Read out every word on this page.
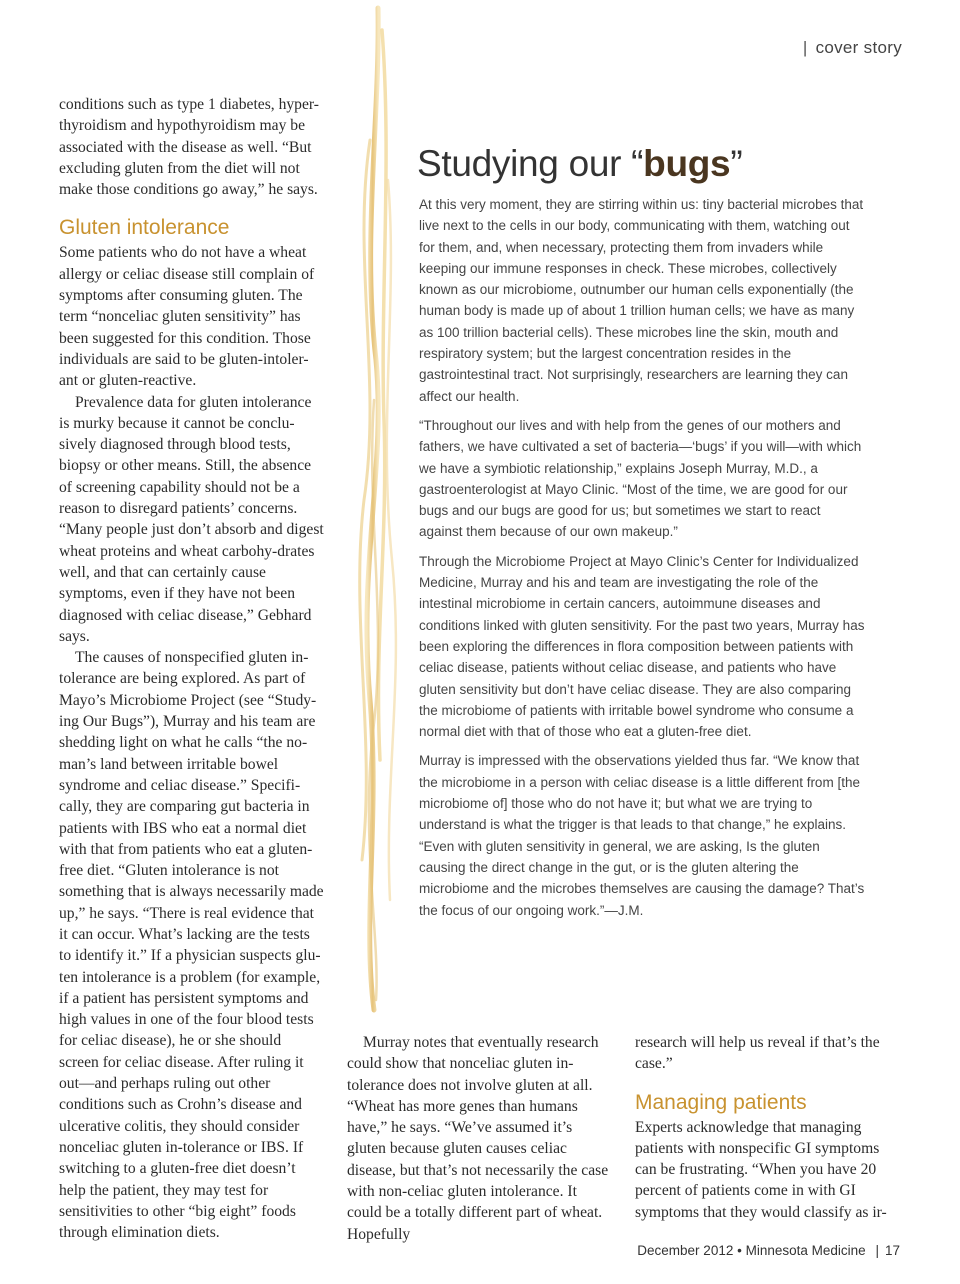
| cover story

conditions such as type 1 diabetes, hyper-thyroidism and hypothyroidism may be associated with the disease as well. “But excluding gluten from the diet will not make those conditions go away,” he says.

Gluten intolerance

Some patients who do not have a wheat allergy or celiac disease still complain of symptoms after consuming gluten. The term “nonceliac gluten sensitivity” has been suggested for this condition. Those individuals are said to be gluten-intoler-ant or gluten-reactive.

Prevalence data for gluten intolerance is murky because it cannot be conclu-sively diagnosed through blood tests, biopsy or other means. Still, the absence of screening capability should not be a reason to disregard patients’ concerns. “Many people just don’t absorb and digest wheat proteins and wheat carbohy-drates well, and that can certainly cause symptoms, even if they have not been diagnosed with celiac disease,” Gebhard says.

The causes of nonspecified gluten in-tolerance are being explored. As part of Mayo’s Microbiome Project (see “Study-ing Our Bugs”), Murray and his team are shedding light on what he calls “the no-man’s land between irritable bowel syndrome and celiac disease.” Specifi-cally, they are comparing gut bacteria in patients with IBS who eat a normal diet with that from patients who eat a gluten-free diet. “Gluten intolerance is not something that is always necessarily made up,” he says. “There is real evidence that it can occur. What’s lacking are the tests to identify it.” If a physician suspects glu-ten intolerance is a problem (for example, if a patient has persistent symptoms and high values in one of the four blood tests for celiac disease), he or she should screen for celiac disease. After ruling it out—and perhaps ruling out other conditions such as Crohn’s disease and ulcerative colitis, they should consider nonceliac gluten in-tolerance or IBS. If switching to a gluten-free diet doesn’t help the patient, they may test for sensitivities to other “big eight” foods through elimination diets.

Studying our “bugs”

At this very moment, they are stirring within us: tiny bacterial microbes that live next to the cells in our body, communicating with them, watching out for them, and, when necessary, protecting them from invaders while keeping our immune responses in check. These microbes, collectively known as our microbiome, outnumber our human cells exponentially (the human body is made up of about 1 trillion human cells; we have as many as 100 trillion bacterial cells). These microbes line the skin, mouth and respiratory system; but the largest concentration resides in the gastrointestinal tract. Not surprisingly, researchers are learning they can affect our health.

“Throughout our lives and with help from the genes of our mothers and fathers, we have cultivated a set of bacteria—‘bugs’ if you will—with which we have a symbiotic relationship,” explains Joseph Murray, M.D., a gastroenterologist at Mayo Clinic. “Most of the time, we are good for our bugs and our bugs are good for us; but sometimes we start to react against them because of our own makeup.”

Through the Microbiome Project at Mayo Clinic’s Center for Individualized Medicine, Murray and his and team are investigating the role of the intestinal microbiome in certain cancers, autoimmune diseases and conditions linked with gluten sensitivity. For the past two years, Murray has been exploring the differences in flora composition between patients with celiac disease, patients without celiac disease, and patients who have gluten sensitivity but don’t have celiac disease. They are also comparing the microbiome of patients with irritable bowel syndrome who consume a normal diet with that of those who eat a gluten-free diet.

Murray is impressed with the observations yielded thus far. “We know that the microbiome in a person with celiac disease is a little different from [the microbiome of] those who do not have it; but what we are trying to understand is what the trigger is that leads to that change,” he explains. “Even with gluten sensitivity in general, we are asking, Is the gluten causing the direct change in the gut, or is the gluten altering the microbiome and the microbes themselves are causing the damage? That’s the focus of our ongoing work.”—J.M.

Murray notes that eventually research could show that nonceliac gluten in-tolerance does not involve gluten at all. “Wheat has more genes than humans have,” he says. “We’ve assumed it’s gluten because gluten causes celiac disease, but that’s not necessarily the case with non-celiac gluten intolerance. It could be a totally different part of wheat. Hopefully

research will help us reveal if that’s the case.”

Managing patients

Experts acknowledge that managing patients with nonspecific GI symptoms can be frustrating. “When you have 20 percent of patients come in with GI symptoms that they would classify as ir-

December 2012 • Minnesota Medicine | 17
